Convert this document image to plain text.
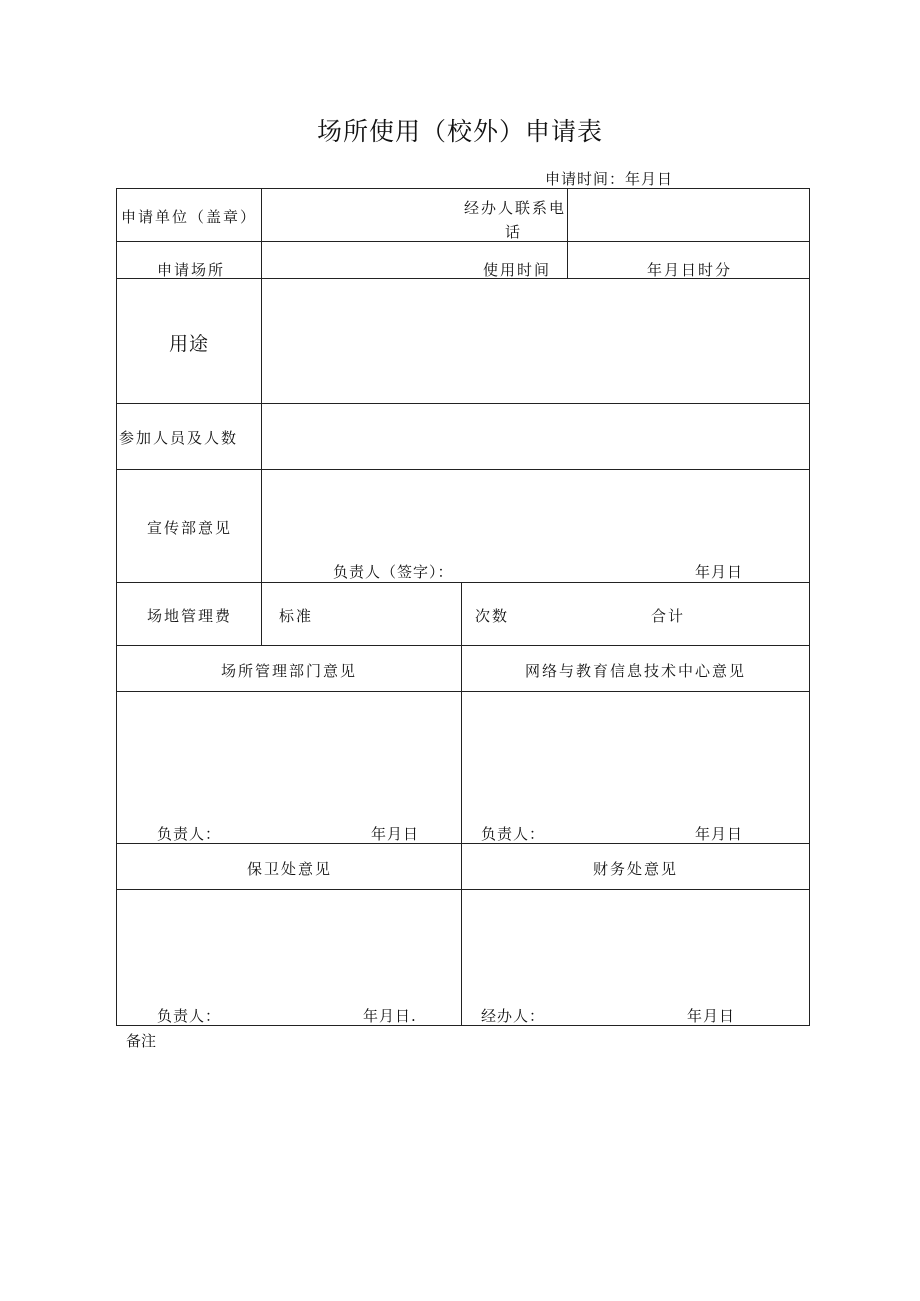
场所使用（校外）申请表
申请时间：年月日
申请单位（盖章）	经办人联系电
话
申请场所	使用时间	年月日时分
用途
参加人员及人数
宣传部意见
负责人（签字）：	年月日
场地管理费	标准	次数	合计
场所管理部门意见	网络与教育信息技术中心意见
负责人：	年月日	负责人：	年月日
保卫处意见	财务处意见
负责人：	年月日.	经办人：	年月日
备注
